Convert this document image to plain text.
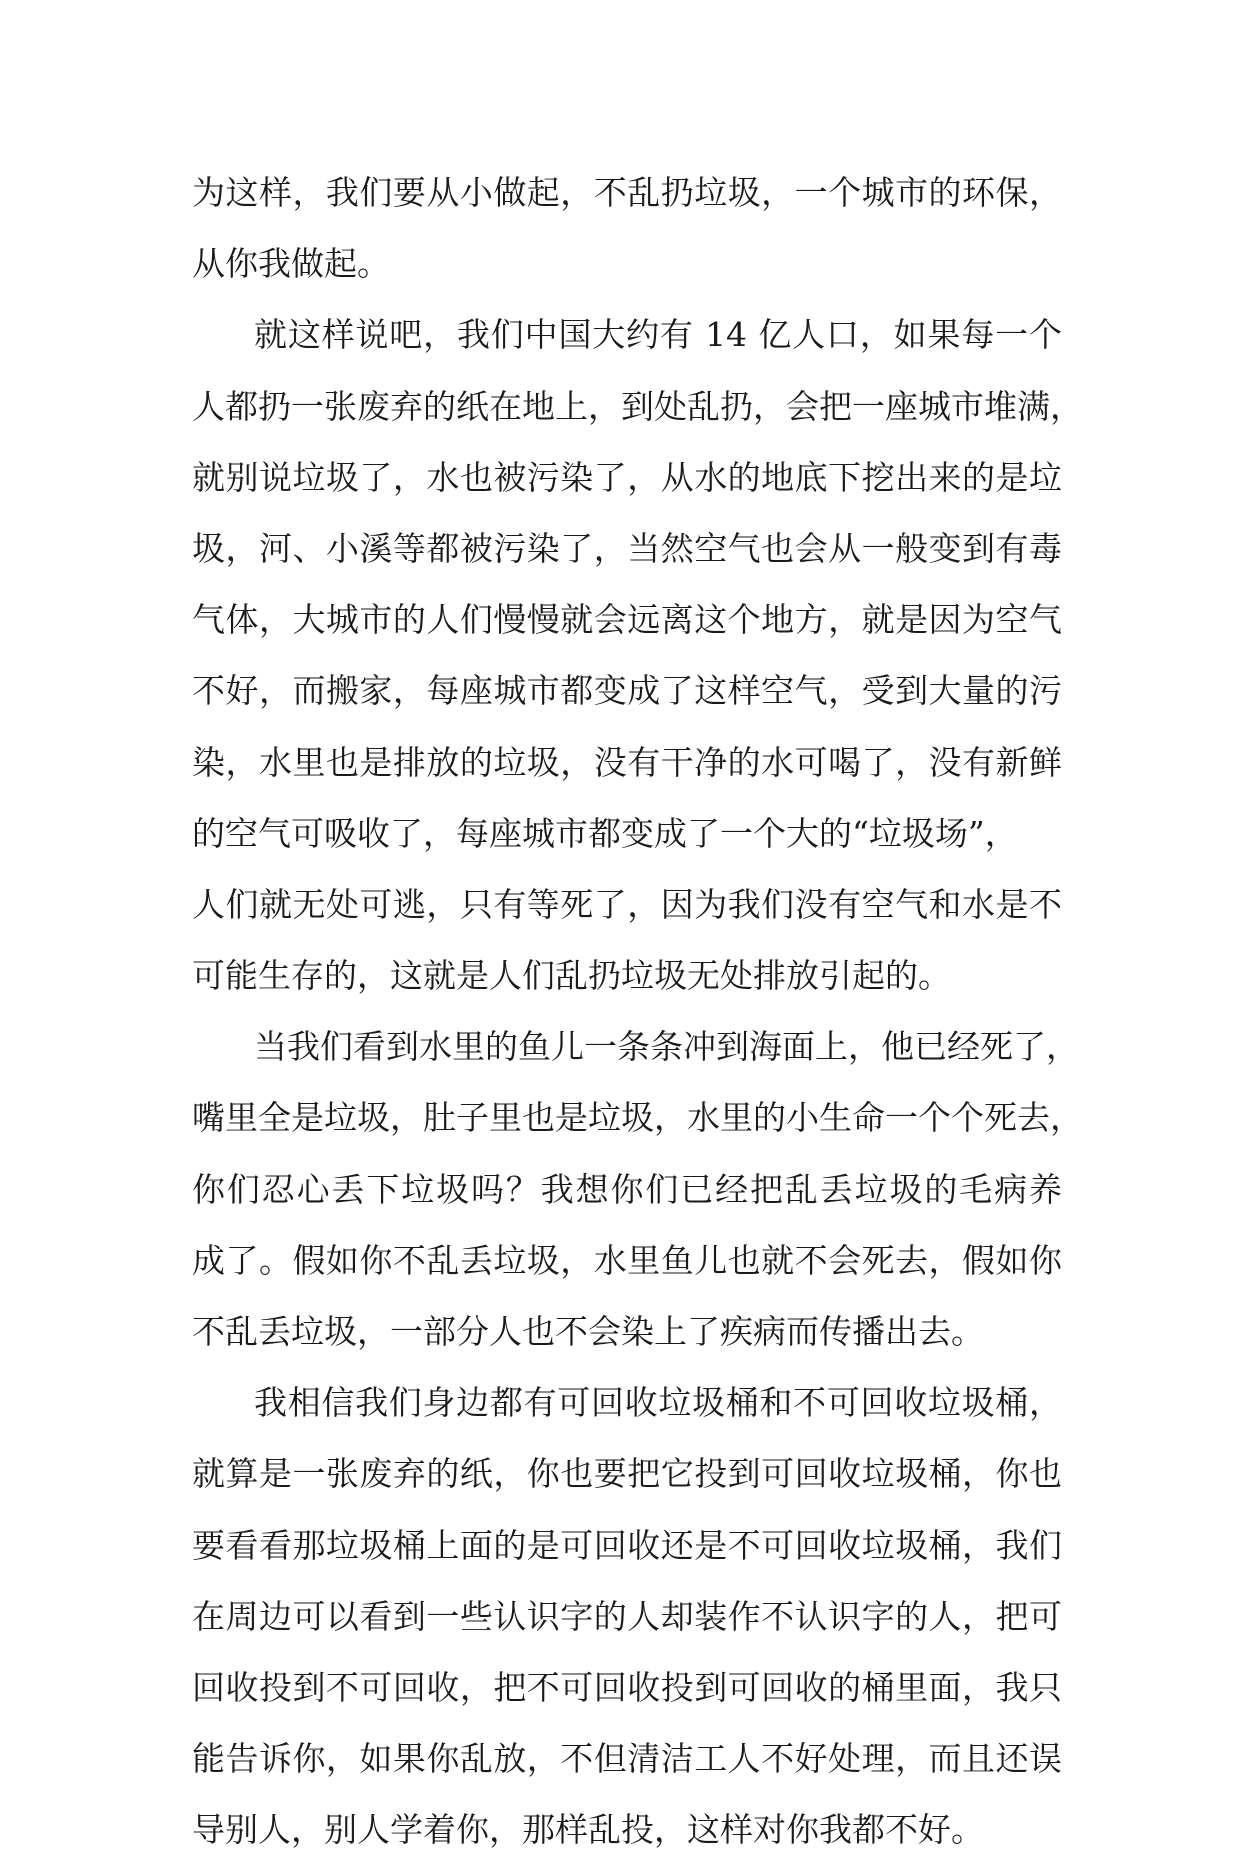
为这样，我们要从小做起，不乱扔垃圾，一个城市的环保，
从你我做起。
就这样说吧，我们中国大约有 14 亿人口，如果每一个
人都扔一张废弃的纸在地上，到处乱扔，会把一座城市堆满，
就别说垃圾了，水也被污染了，从水的地底下挖出来的是垃
圾，河、小溪等都被污染了，当然空气也会从一般变到有毒
气体，大城市的人们慢慢就会远离这个地方，就是因为空气
不好，而搬家，每座城市都变成了这样空气，受到大量的污
染，水里也是排放的垃圾，没有干净的水可喝了，没有新鲜
的空气可吸收了，每座城市都变成了一个大的“垃圾场”，
人们就无处可逃，只有等死了，因为我们没有空气和水是不
可能生存的，这就是人们乱扔垃圾无处排放引起的。
当我们看到水里的鱼儿一条条冲到海面上，他已经死了，
嘴里全是垃圾，肚子里也是垃圾，水里的小生命一个个死去，
你们忍心丢下垃圾吗？我想你们已经把乱丢垃圾的毛病养
成了。假如你不乱丢垃圾，水里鱼儿也就不会死去，假如你
不乱丢垃圾，一部分人也不会染上了疾病而传播出去。
我相信我们身边都有可回收垃圾桶和不可回收垃圾桶，
就算是一张废弃的纸，你也要把它投到可回收垃圾桶，你也
要看看那垃圾桶上面的是可回收还是不可回收垃圾桶，我们
在周边可以看到一些认识字的人却装作不认识字的人，把可
回收投到不可回收，把不可回收投到可回收的桶里面，我只
能告诉你，如果你乱放，不但清洁工人不好处理，而且还误
导别人，别人学着你，那样乱投，这样对你我都不好。
